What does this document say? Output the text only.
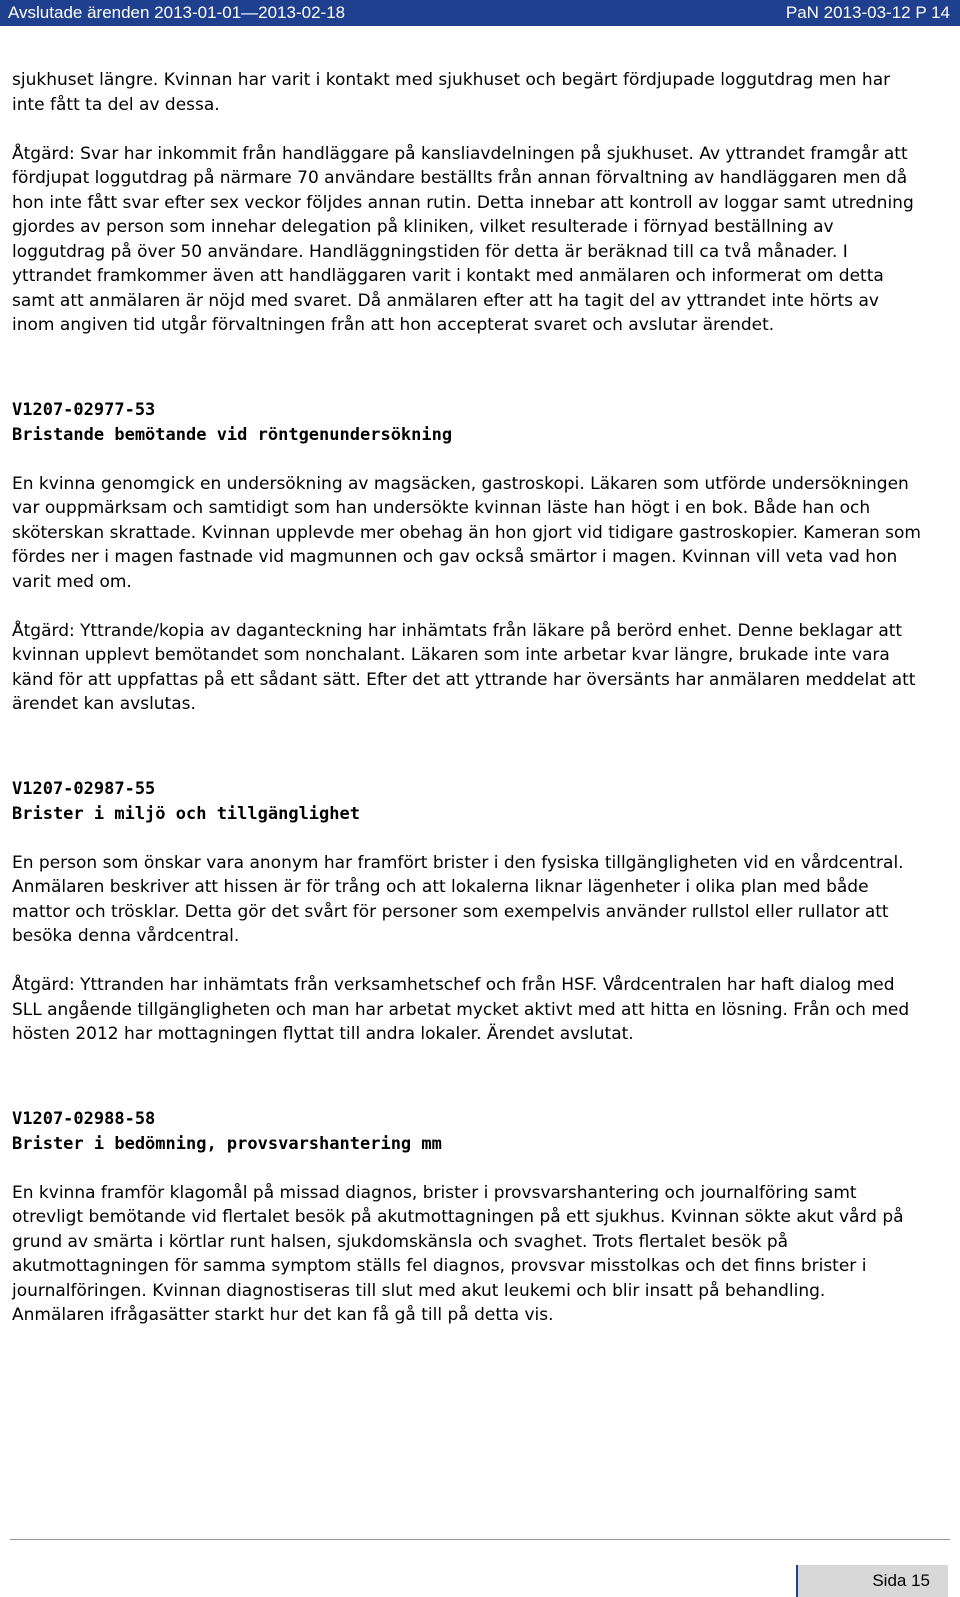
Avslutade ärenden 2013-01-01—2013-02-18	PaN 2013-03-12 P 14

sjukhuset längre. Kvinnan har varit i kontakt med sjukhuset och begärt fördjupade loggutdrag men har inte fått ta del av dessa.

Åtgärd: Svar har inkommit från handläggare på kansliavdelningen på sjukhuset. Av yttrandet framgår att fördjupat loggutdrag på närmare 70 användare beställts från annan förvaltning av handläggaren men då hon inte fått svar efter sex veckor följdes annan rutin. Detta innebar att kontroll av loggar samt utredning gjordes av person som innehar delegation på kliniken, vilket resulterade i förnyad beställning av loggutdrag på över 50 användare. Handläggningstiden för detta är beräknad till ca två månader. I yttrandet framkommer även att handläggaren varit i kontakt med anmälaren och informerat om detta samt att anmälaren är nöjd med svaret. Då anmälaren efter att ha tagit del av yttrandet inte hörts av inom angiven tid utgår förvaltningen från att hon accepterat svaret och avslutar ärendet.

V1207-02977-53
Bristande bemötande vid röntgenundersökning

En kvinna genomgick en undersökning av magsäcken, gastroskopi. Läkaren som utförde undersökningen var ouppmärksam och samtidigt som han undersökte kvinnan läste han högt i en bok. Både han och sköterskan skrattade. Kvinnan upplevde mer obehag än hon gjort vid tidigare gastroskopier. Kameran som fördes ner i magen fastnade vid magmunnen och gav också smärtor i magen. Kvinnan vill veta vad hon varit med om.

Åtgärd: Yttrande/kopia av daganteckning har inhämtats från läkare på berörd enhet. Denne beklagar att kvinnan upplevt bemötandet som nonchalant. Läkaren som inte arbetar kvar längre, brukade inte vara känd för att uppfattas på ett sådant sätt. Efter det att yttrande har översänts har anmälaren meddelat att ärendet kan avslutas.

V1207-02987-55
Brister i miljö och tillgänglighet

En person som önskar vara anonym har framfört brister i den fysiska tillgängligheten vid en vårdcentral. Anmälaren beskriver att hissen är för trång och att lokalerna liknar lägenheter i olika plan med både mattor och trösklar. Detta gör det svårt för personer som exempelvis använder rullstol eller rullator att besöka denna vårdcentral.

Åtgärd: Yttranden har inhämtats från verksamhetschef och från HSF. Vårdcentralen har haft dialog med SLL angående tillgängligheten och man har arbetat mycket aktivt med att hitta en lösning. Från och med hösten 2012 har mottagningen flyttat till andra lokaler. Ärendet avslutat.

V1207-02988-58
Brister i bedömning, provsvarshantering mm

En kvinna framför klagomål på missad diagnos, brister i provsvarshantering och journalföring samt otrevligt bemötande vid flertalet besök på akutmottagningen på ett sjukhus. Kvinnan sökte akut vård på grund av smärta i körtlar runt halsen, sjukdomskänsla och svaghet. Trots flertalet besök på akutmottagningen för samma symptom ställs fel diagnos, provsvar misstolkas och det finns brister i journalföringen. Kvinnan diagnostiseras till slut med akut leukemi och blir insatt på behandling. Anmälaren ifrågasätter starkt hur det kan få gå till på detta vis.

Sida 15
